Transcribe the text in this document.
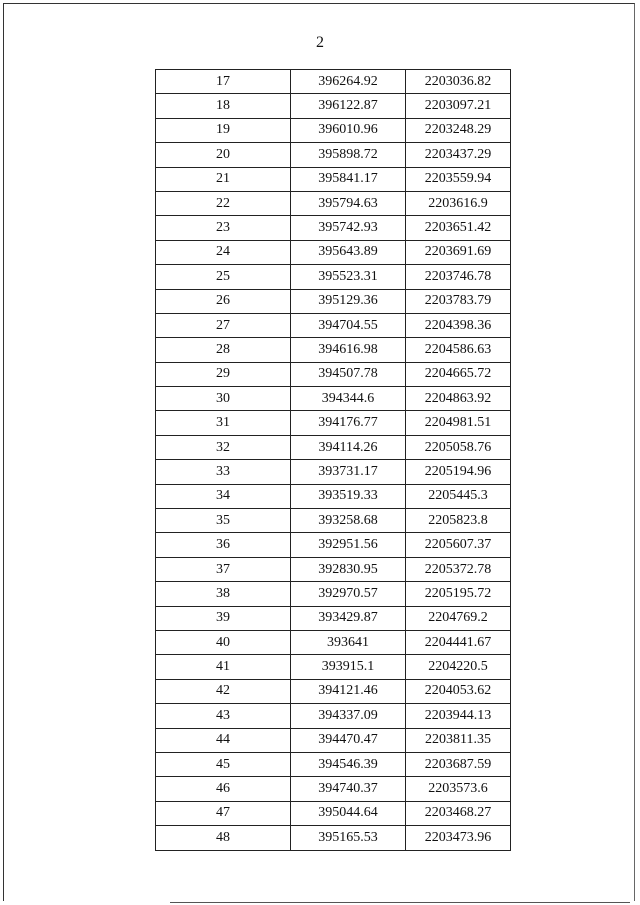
2
17	396264.92	2203036.82
18	396122.87	2203097.21
19	396010.96	2203248.29
20	395898.72	2203437.29
21	395841.17	2203559.94
22	395794.63	2203616.9
23	395742.93	2203651.42
24	395643.89	2203691.69
25	395523.31	2203746.78
26	395129.36	2203783.79
27	394704.55	2204398.36
28	394616.98	2204586.63
29	394507.78	2204665.72
30	394344.6	2204863.92
31	394176.77	2204981.51
32	394114.26	2205058.76
33	393731.17	2205194.96
34	393519.33	2205445.3
35	393258.68	2205823.8
36	392951.56	2205607.37
37	392830.95	2205372.78
38	392970.57	2205195.72
39	393429.87	2204769.2
40	393641	2204441.67
41	393915.1	2204220.5
42	394121.46	2204053.62
43	394337.09	2203944.13
44	394470.47	2203811.35
45	394546.39	2203687.59
46	394740.37	2203573.6
47	395044.64	2203468.27
48	395165.53	2203473.96
